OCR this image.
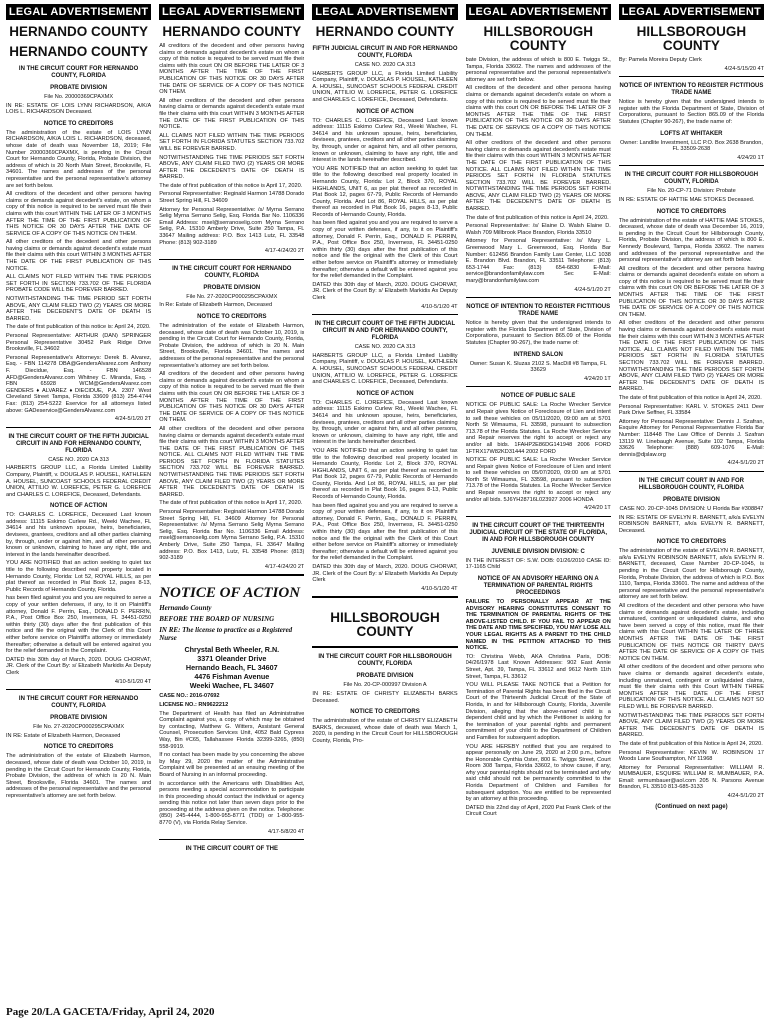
LEGAL ADVERTISEMENT
HERNANDO COUNTY
HERNANDO COUNTY
IN THE CIRCUIT COURT FOR HERNANDO COUNTY, FLORIDA
PROBATE DIVISION
File No. 20000369CPAXMX
IN RE: ESTATE OF LOIS LYNN RICHARDSON, A/K/A LOIS L. RICHARDSON Deceased.
NOTICE TO CREDITORS
The administration of the estate of LOIS LYNN RICHARDSON, A/K/A LOIS L. RICHARDSON, deceased, whose date of death was November 18, 2019; File Number 20000369CPAXMX, is pending in the Circuit Court for Hernando County, Florida, Probate Division, the address of which is 20 North Main Street, Brooksville, FL 34601. The names and addresses of the personal representative and the personal representative's attorney are set forth below.
All creditors of the decedent and other persons having claims or demands against decedent's estate, on whom a copy of this notice is required to be served must file their claims with this court WITHIN THE LATER OF 3 MONTHS AFTER THE TIME OF THE FIRST PUBLICATION OF THIS NOTICE OR 30 DAYS AFTER THE DATE OF SERVICE OF A COPY OF THIS NOTICE ON THEM.
All other creditors of the decedent and other persons having claims or demands against decedent's estate must file their claims with this court WITHIN 3 MONTHS AFTER THE DATE OF THE FIRST PUBLICATION OF THIS NOTICE.
ALL CLAIMS NOT FILED WITHIN THE TIME PERIODS SET FORTH IN SECTION 733.702 OF THE FLORIDA PROBATE CODE WILL BE FOREVER BARRED.
NOTWITHSTANDING THE TIME PERIOD SET FORTH ABOVE, ANY CLAIM FILED TWO (2) YEARS OR MORE AFTER THE DECEDENT'S DATE OF DEATH IS BARRED.
The date of first publication of this notice is: April 24, 2020.
Personal Representative: ARTHUR (DAN) SPRINGER Personal Representative 30452 Park Ridge Drive Brooksville, FL 34602
Personal Representative's Attorneys: Derek B. Alvarez, Esq. - FBN 114278 DBA@GendersAlvarez.com Anthony F. Diecidue, Esq. - FBN 146528 AFD@GendersAlvarez.com Whitney C. Miranda, Esq. - FBN 65928 WCM@GendersAlvarez.com GENDERS♦ALVAREZ♦DIECIDUE, P.A. 2307 West Cleveland Street Tampa, Florida 33609 (813) 254-4744 Fax: (813) 254-5222 Eservice for all attorneys listed above: GADeservice@GendersAlvarez.com
4/24-5/1/20 2T
IN THE CIRCUIT COURT OF THE FIFTH JUDICIAL CIRCUIT IN AND FOR HERNANDO COUNTY, FLORIDA
CASE NO. 2020 CA 313
HARBERTS GROUP LLC, a Florida Limited Liability Company, Plaintiff, v. DOUGLAS P. HOUSEL, KATHLEEN A. HOUSEL, SUNCOAST SCHOOLS FEDERAL CREDIT UNION, ATTILIO W. LOREFICE, PETER G. LOREFICE and CHARLES C. LOREFICE, Deceased, Defendants.
NOTICE OF ACTION
TO: CHARLES C. LOREFICE, Deceased Last known address: 11115 Eskimo Curlew Rd., Weeki Wachee, FL 34614 and his unknown spouse, heirs, beneficiaries, devisees, grantees, creditors and all other parties claiming by, through, under or against him, and all other persons, known or unknown, claiming to have any right, title and interest in the lands hereinafter described.
YOU ARE NOTIFIED that an action seeking to quiet tax title to the following described real property located in Hernando County, Florida: Lot 52, ROYAL HILLS, as per plat thereof as recorded in Plat Book 12, pages 8-13, Public Records of Hernando County, Florida.
has been filed against you and you are required to serve a copy of your written defenses, if any, to it on Plaintiff's attorney, Donald F. Perrin, Esq., DONALD F. PERRIN, P.A., Post Office Box 250, Inverness, FL 34451-0250 within thirty (30) days after the first publication of this notice and file the original with the Clerk of this Court either before service on Plaintiff's attorney or immediately thereafter; otherwise a default will be entered against you for the relief demanded in the Complaint.
DATED this 30th day of March, 2020. DOUG CHORVAT, JR. Clerk of the Court By: s/ Elizabeth Markidis As Deputy Clerk
4/10-5/1/20 4T
IN THE CIRCUIT COURT FOR HERNANDO COUNTY, FLORIDA
PROBATE DIVISION
File No. 27-2020CP000295CPAXMX
IN RE: Estate of Elizabeth Harmon, Deceased
NOTICE TO CREDITORS
The administration of the estate of Elizabeth Harmon, deceased, whose date of death was October 10, 2019, is pending in the Circuit Court for Hernando County, Florida, Probate Division, the address of which is 20 N. Main Street, Brooksville, Florida 34601. The names and addresses of the personal representative and the personal representative's attorney are set forth below.
LEGAL ADVERTISEMENT
HERNANDO COUNTY
All creditors of the decedent and other persons having claims or demands against decedent's estate on whom a copy of this notice is required to be served must file their claims with this court ON OR BEFORE THE LATER OF 3 MONTHS AFTER THE TIME OF THE FIRST PUBLICATION OF THIS NOTICE OR 30 DAYS AFTER THE DATE OF SERVICE OF A COPY OF THIS NOTICE ON THEM.
All other creditors of the decedent and other persons having claims or demands against decedent's estate must file their claims with this court WITHIN 3 MONTHS AFTER THE DATE OF THE FIRST PUBLICATION OF THIS NOTICE.
ALL CLAIMS NOT FILED WITHIN THE TIME PERIODS SET FORTH IN FLORIDA STATUTES SECTION 733.702 WILL BE FOREVER BARRED.
NOTWITHSTANDING THE TIME PERIODS SET FORTH ABOVE, ANY CLAIM FILED TWO (2) YEARS OR MORE AFTER THE DECEDENT'S DATE OF DEATH IS BARRED.
The date of first publication of this notice is April 17, 2020.
Personal Representative: Reginald Harmon 14788 Dorado Street Spring Hill, FL 34609
Attorney for Personal Representative: /s/ Myrna Serrano Selig Myrna Serrano Selig, Esq. Florida Bar No. 1106336 Email Address: msel@serranoselig.com Myrna Serrano Selig, P.A. 15310 Amberly Drive, Suite 250 Tampa, FL 33647 Mailing address: P.O. Box 1413 Lutz, FL 33548 Phone: (813) 902-3189
4/17-4/24/20 2T
IN THE CIRCUIT COURT FOR HERNANDO COUNTY, FLORIDA
PROBATE DIVISION
File No. 27-2020CP000295CPAXMX
In Re: Estate of Elizabeth Harmon, Deceased
NOTICE TO CREDITORS
The administration of the estate of Elizabeth Harmon, deceased, whose date of death was October 10, 2019, is pending in the Circuit Court for Hernando County, Florida, Probate Division, the address of which is 20 N. Main Street, Brooksville, Florida 34601. The names and addresses of the personal representative and the personal representative's attorney are set forth below.
All creditors of the decedent and other persons having claims or demands against decedent's estate on whom a copy of this notice is required to be served must file their claims with this court ON OR BEFORE THE LATER OF 3 MONTHS AFTER THE TIME OF THE FIRST PUBLICATION OF THIS NOTICE OR 30 DAYS AFTER THE DATE OF SERVICE OF A COPY OF THIS NOTICE ON THEM.
All other creditors of the decedent and other persons having claims or demands against decedent's estate must file their claims with this court WITHIN 3 MONTHS AFTER THE DATE OF THE FIRST PUBLICATION OF THIS NOTICE. ALL CLAIMS NOT FILED WITHIN THE TIME PERIODS SET FORTH IN FLORIDA STATUTES SECTION 733.702 WILL BE FOREVER BARRED. NOTWITHSTANDING THE TIME PERIODS SET FORTH ABOVE, ANY CLAIM FILED TWO (2) YEARS OR MORE AFTER THE DECEDENT'S DATE OF DEATH IS BARRED.
The date of first publication of this notice is April 17, 2020.
Personal Representative: Reginald Harmon 14788 Dorado Street Spring Hill, FL 34609 Attorney for Personal Representative: /s/ Myrna Serrano Selig Myrna Serrano Selig, Esq. Florida Bar No. 1106336 Email Address: msel@serranoselig.com Myrna Serrano Selig, P.A. 15310 Amberly Drive, Suite 250 Tampa, FL 33647 Mailing address: P.O. Box 1413, Lutz, FL 33548 Phone: (813) 902-3189
4/17-4/24/20 2T
NOTICE OF ACTION
Hernando County
BEFORE THE BOARD OF NURSING
IN RE: The license to practice as a Registered Nurse
Chrystal Beth Wheeler, R.N.
3371 Oleander Drive
Hernando Beach, FL 34607
4476 Fishman Avenue
Weeki Wachee, FL 34607
CASE NO.: 2016-07692
LICENSE NO.: RN9622212
The Department of Health has filed an Administrative Complaint against you, a copy of which may be obtained by contacting, Matthew G. Witters, Assistant General Counsel, Prosecution Services Unit, 4052 Bald Cypress Way, Bin #C65, Tallahassee Florida 32399-3265, (850) 558-9919.
If no contact has been made by you concerning the above by May 29, 2020 the matter of the Administrative Complaint will be presented at an ensuing meeting of the Board of Nursing in an informal proceeding.
In accordance with the Americans with Disabilities Act, persons needing a special accommodation to participate in this proceeding should contact the individual or agency sending this notice not later than seven days prior to the proceeding at the address given on the notice. Telephone: (850) 245-4444, 1-800-955-8771 (TDD) or 1-800-955-8770 (V), via Florida Relay Service.
4/17-5/8/20 4T
IN THE CIRCUIT COURT OF THE
LEGAL ADVERTISEMENT
HERNANDO COUNTY
FIFTH JUDICIAL CIRCUIT IN AND FOR HERNANDO COUNTY, FLORIDA
CASE NO. 2020 CA 313
HARBERTS GROUP LLC, a Florida Limited Liability Company, Plaintiff, v. DOUGLAS P. HOUSEL, KATHLEEN A. HOUSEL, SUNCOAST SCHOOLS FEDERAL CREDIT UNION, ATTILIO W. LOREFICE, PETER G. LOREFICE and CHARLES C. LOREFICE, Deceased, Defendants.
NOTICE OF ACTION
TO: CHARLES C. LOREFICE, Deceased Last known address: 11115 Eskimo Curlew Rd., Weeki Wachee, FL 34614 and his unknown spouse, heirs, beneficiaries, devisees, grantees, creditors and all other parties claiming by, through, under or against him, and all other persons, known or unknown, claiming to have any right, title and interest in the lands hereinafter described.
YOU ARE NOTIFIED that an action seeking to quiet tax title to the following described real property located in Hernando County, Florida: Lot 2, Block 370, ROYAL HIGHLANDS, UNIT 6, as per plat thereof as recorded in Plat Book 12, pages 67-79, Public Records of Hernando County, Florida. And Lot 86, ROYAL HILLS, as per plat thereof as recorded in Plat Book 16, pages 8-13, Public Records of Hernando County, Florida.
has been filed against you and you are required to serve a copy of your written defenses, if any, to it on Plaintiff's attorney, Donald F. Perrin, Esq., DONALD F. PERRIN, P.A., Post Office Box 250, Inverness, FL 34451-0250 within thirty (30) days after the first publication of this notice and file the original with the Clerk of this Court either before service on Plaintiff's attorney or immediately thereafter; otherwise a default will be entered against you for the relief demanded in the Complaint.
DATED this 30th day of March, 2020. DOUG CHORVAT, JR. Clerk of the Court By: s/ Elizabeth Markidis As Deputy Clerk
4/10-5/1/20 4T
IN THE CIRCUIT COURT OF THE FIFTH JUDICIAL CIRCUIT IN AND FOR HERNANDO COUNTY, FLORIDA
CASE NO. 2020 CA 313
HARBERTS GROUP LLC, a Florida Limited Liability Company, Plaintiff, v. DOUGLAS P. HOUSEL, KATHLEEN A. HOUSEL, SUNCOAST SCHOOLS FEDERAL CREDIT UNION, ATTILIO W. LOREFICE, PETER G. LOREFICE and CHARLES C. LOREFICE, Deceased, Defendants.
NOTICE OF ACTION
TO: CHARLES C. LOREFICE, Deceased Last known address: 11115 Eskimo Curlew Rd., Weeki Wachee, FL 34614 and his unknown spouse, heirs, beneficiaries, devisees, grantees, creditors and all other parties claiming by, through, under or against him, and all other persons, known or unknown, claiming to have any right, title and interest in the lands hereinafter described.
YOU ARE NOTIFIED that an action seeking to quiet tax title to the following described real property located in Hernando County, Florida: Lot 2, Block 370, ROYAL HIGHLANDS, UNIT 6, as per plat thereof as recorded in Plat Book 12, pages 67-79, Public Records of Hernando County, Florida. And Lot 86, ROYAL HILLS, as per plat thereof as recorded in Plat Book 16, pages 8-13, Public Records of Hernando County, Florida.
has been filed against you and you are required to serve a copy of your written defenses, if any, to it on Plaintiff's attorney, Donald F. Perrin, Esq., DONALD F. PERRIN, P.A., Post Office Box 250, Inverness, FL 34451-0250 within thirty (30) days after the first publication of this notice and file the original with the Clerk of this Court either before service on Plaintiff's attorney or immediately thereafter; otherwise a default will be entered against you for the relief demanded in the Complaint.
DATED this 30th day of March, 2020. DOUG CHORVAT, JR. Clerk of the Court By: s/ Elizabeth Markidis As Deputy Clerk
4/10-5/1/20 4T
HILLSBOROUGH COUNTY
IN THE CIRCUIT COURT FOR HILLSBOROUGH COUNTY, FLORIDA
PROBATE DIVISION
File No. 20-CP-000997 Division A
IN RE: ESTATE OF CHRISTY ELIZABETH BARKS Deceased.
NOTICE TO CREDITORS
The administration of the estate of CHRISTY ELIZABETH BARKS, deceased, whose date of death was March 1, 2020, is pending in the Circuit Court for HILLSBOROUGH County, Florida, Pro-
LEGAL ADVERTISEMENT
HILLSBOROUGH COUNTY
bate Division, the address of which is 800 E. Twiggs St., Tampa, Florida 33602. The names and addresses of the personal representative and the personal representative's attorney are set forth below.
All creditors of the decedent and other persons having claims or demands against decedent's estate on whom a copy of this notice is required to be served must file their claims with this court ON OR BEFORE THE LATER OF 3 MONTHS AFTER THE TIME OF THE FIRST PUBLICATION OF THIS NOTICE OR 30 DAYS AFTER THE DATE OF SERVICE OF A COPY OF THIS NOTICE ON THEM.
All other creditors of the decedent and other persons having claims or demands against decedent's estate must file their claims with this court WITHIN 3 MONTHS AFTER THE DATE OF THE FIRST PUBLICATION OF THIS NOTICE. ALL CLAIMS NOT FILED WITHIN THE TIME PERIODS SET FORTH IN FLORIDA STATUTES SECTION 733.702 WILL BE FOREVER BARRED. NOTWITHSTANDING THE TIME PERIODS SET FORTH ABOVE, ANY CLAIM FILED TWO (2) YEARS OR MORE AFTER THE DECEDENT'S DATE OF DEATH IS BARRED.
The date of first publication of this notice is April 24, 2020.
Personal Representative: /s/ Elaine D. Walsh Elaine D. Walsh 709 Millbrook Place Brandon, Florida 33510
Attorney for Personal Representative: /s/ Mary L. Greenwood Mary L. Greenwood, Esq. Florida Bar Number: 612456 Brandon Family Law Center, LLC 1038 E. Brandon Blvd. Brandon, FL 33511 Telephone: (813) 653-1744 Fax: (813) 654-6830 E-Mail: service@brandonfamilylaw.com Sec E-Mail: mary@brandonfamilylaw.com
4/24-5/1/20 2T
NOTICE OF INTENTION TO REGISTER FICTITIOUS TRADE NAME
Notice is hereby given that the undersigned intends to register with the Florida Department of State, Division of Corporations, pursuant to Section 865.09 of the Florida Statutes (Chapter 90-267), the trade name of:
INTREND SALON
Owner: Susan K. Sluzas 2102 S. MacDill #8 Tampa, FL 33629
4/24/20 1T
NOTICE OF PUBLIC SALE
NOTICE OF PUBLIC SALE: La Roche Wrecker Service and Repair gives Notice of Foreclosure of Lien and intent to sell these vehicles on 05/11/2020, 09:00 am at 5701 North St Wimauma, FL 33598, pursuant to subsection 713.78 of the Florida Statutes. La Roche Wrecker Service and Repair reserves the right to accept or reject any and/or all bids. 1FAHP2E86DG141948 2006 FORD 1FTRX17W82KD31444 2002 FORD
NOTICE OF PUBLIC SALE: La Roche Wrecker Service and Repair gives Notice of Foreclosure of Lien and intent to sell these vehicles on 05/07/2020, 09:00 am at 5701 North St Wimauma, FL 33598, pursuant to subsection 713.78 of the Florida Statutes. La Roche Wrecker Service and Repair reserves the right to accept or reject any and/or all bids. 5J6YH28716L023927 2006 HONDA
4/24/20 1T
IN THE CIRCUIT COURT OF THE THIRTEENTH JUDICIAL CIRCUIT OF THE STATE OF FLORIDA, IN AND FOR HILLSBOROUGH COUNTY
JUVENILE DIVISION DIVISION: C
IN THE INTEREST OF: S.W. DOB: 01/26/2010 CASE ID: 17-1165 Child
NOTICE OF AN ADVISORY HEARING ON A TERMINATION OF PARENTAL RIGHTS PROCEEDINGS
FAILURE TO PERSONALLY APPEAR AT THE ADVISORY HEARING CONSTITUTES CONSENT TO THE TERMINATION OF PARENTAL RIGHTS OF THE ABOVE-LISTED CHILD. IF YOU FAIL TO APPEAR ON THE DATE AND TIME SPECIFIED, YOU MAY LOSE ALL YOUR LEGAL RIGHTS AS A PARENT TO THE CHILD NAMED IN THE PETITION ATTACHED TO THIS NOTICE.
TO: Christina Webb, AKA Christina Paris, DOB: 04/26/1978 Last Known Addresses: 902 East Annie Street, Apt. 39, Tampa, FL 33612 and 9612 North 11th Street, Tampa, FL 33612
YOU WILL PLEASE TAKE NOTICE that a Petition for Termination of Parental Rights has been filed in the Circuit Court of the Thirteenth Judicial Circuit of the State of Florida, in and for Hillsborough County, Florida, Juvenile Division, alleging that the above-named child is a dependent child and by which the Petitioner is asking for the termination of your parental rights and permanent commitment of your child to the Department of Children and Families for subsequent adoption.
YOU ARE HEREBY notified that you are required to appear personally on June 29, 2020 at 2:00 p.m., before the Honorable Cynthia Oster, 800 E. Twiggs Street, Court Room 308 Tampa, Florida 33602, to show cause, if any, why your parental rights should not be terminated and why said child should not be permanently committed to the Florida Department of Children and Families for subsequent adoption. You are entitled to be represented by an attorney at this proceeding.
DATED this 22nd day of April, 2020 Pat Frank Clerk of the Circuit Court
LEGAL ADVERTISEMENT
HILLSBOROUGH COUNTY
By: Pamela Moreira Deputy Clerk
4/24-5/15/20 4T
NOTICE OF INTENTION TO REGISTER FICTITIOUS TRADE NAME
Notice is hereby given that the undersigned intends to register with the Florida Department of State, Division of Corporations, pursuant to Section 865.09 of the Florida Statutes (Chapter 90-267), the trade name of:
LOFTS AT WHITAKER
Owner: Landlite Investment, LLC P.O. Box 2638 Brandon, FL 33509-2638
4/24/20 1T
IN THE CIRCUIT COURT FOR HILLSBOROUGH COUNTY, FLORIDA
File No. 20-CP-71 Division: Probate
IN RE: ESTATE OF HATTIE MAE STOKES Deceased.
NOTICE TO CREDITORS
The administration of the estate of HATTIE MAE STOKES, deceased, whose date of death was December 16, 2019, is pending in the Circuit Court for Hillsborough County, Florida, Probate Division, the address of which is 800 E. Kennedy Boulevard, Tampa, Florida 33602. The names and addresses of the personal representative and the personal representative's attorney are set forth below.
All creditors of the decedent and other persons having claims or demands against decedent's estate on whom a copy of this notice is required to be served must file their claims with this court ON OR BEFORE THE LATER OF 3 MONTHS AFTER THE TIME OF THE FIRST PUBLICATION OF THIS NOTICE OR 30 DAYS AFTER THE DATE OF SERVICE OF A COPY OF THIS NOTICE ON THEM.
All other creditors of the decedent and other persons having claims or demands against decedent's estate must file their claims with this court WITHIN 3 MONTHS AFTER THE DATE OF THE FIRST PUBLICATION OF THIS NOTICE. ALL CLAIMS NOT FILED WITHIN THE TIME PERIODS SET FORTH IN FLORIDA STATUTES SECTION 733.702 WILL BE FOREVER BARRED. NOTWITHSTANDING THE TIME PERIODS SET FORTH ABOVE, ANY CLAIM FILED TWO (2) YEARS OR MORE AFTER THE DECEDENT'S DATE OF DEATH IS BARRED.
The date of first publication of this notice is April 24, 2020.
Personal Representative: KARL V. STOKES 2411 Deer Park Drive Seffner, FL 33584
Attorney for Personal Representative: Dennis J. Szafran, Esquire Attorney for Personal Representative Florida Bar Number: 118448 The Law Office of Dennis J. Szafran 13119 W. Linebaugh Avenue, Suite 102 Tampa, Florida 33626 Telephone: (888) 609-1076 E-Mail: dennis@djslaw.org
4/24-5/1/20 2T
IN THE CIRCUIT COURT IN AND FOR HILLSBOROUGH COUNTY, FLORIDA
PROBATE DIVISION
CASE NO. 20-CP-1045 DIVISION: U Florida Bar #308847
IN RE: ESTATE OF EVELYN R. BARNETT, a/k/a EVELYN ROBINSON BARNETT, a/k/a EVELYN R. BARNETT, Deceased.
NOTICE TO CREDITORS
The administration of the estate of EVELYN R. BARNETT, a/k/a EVELYN ROBINSON BARNETT, a/k/a EVELYN R. BARNETT, deceased, Case Number 20-CP-1045, is pending in the Circuit Court for Hillsborough County, Florida, Probate Division, the address of which is P.O. Box 1110, Tampa, Florida 33601. The name and address of the personal representative and the personal representative's attorney are set forth below.
All creditors of the decedent and other persons who have claims or demands against decedent's estate, including unmatured, contingent or unliquidated claims, and who have been served a copy of this notice, must file their claims with this Court WITHIN THE LATER OF THREE MONTHS AFTER THE DATE OF THE FIRST PUBLICATION OF THIS NOTICE OR THIRTY DAYS AFTER THE DATE OF SERVICE OF A COPY OF THIS NOTICE ON THEM.
All other creditors of the decedent and other persons who have claims or demands against decedent's estate, including unmatured, contingent or unliquidated claims, must file their claims with this Court WITHIN THREE MONTHS AFTER THE DATE OF THE FIRST PUBLICATION OF THIS NOTICE. ALL CLAIMS NOT SO FILED WILL BE FOREVER BARRED.
NOTWITHSTANDING THE TIME PERIODS SET FORTH ABOVE, ANY CLAIM FILED TWO (2) YEARS OR MORE AFTER THE DECEDENT'S DATE OF DEATH IS BARRED.
The date of first publication of this Notice is April 24, 2020.
Personal Representative: KEVIN W. ROBINSON 17 Woods Lane Southampton, NY 11968
Attorney for Personal Representative: WILLIAM R. MUMBAUER, ESQUIRE WILLIAM R. MUMBAUER, P.A. Email: wrmumbauer@aol.com 205 N. Parsons Avenue Brandon, FL 33510 813-685-3133
4/24-5/1/20 2T
(Continued on next page)
Page 20/LA GACETA/Friday, April 24, 2020
